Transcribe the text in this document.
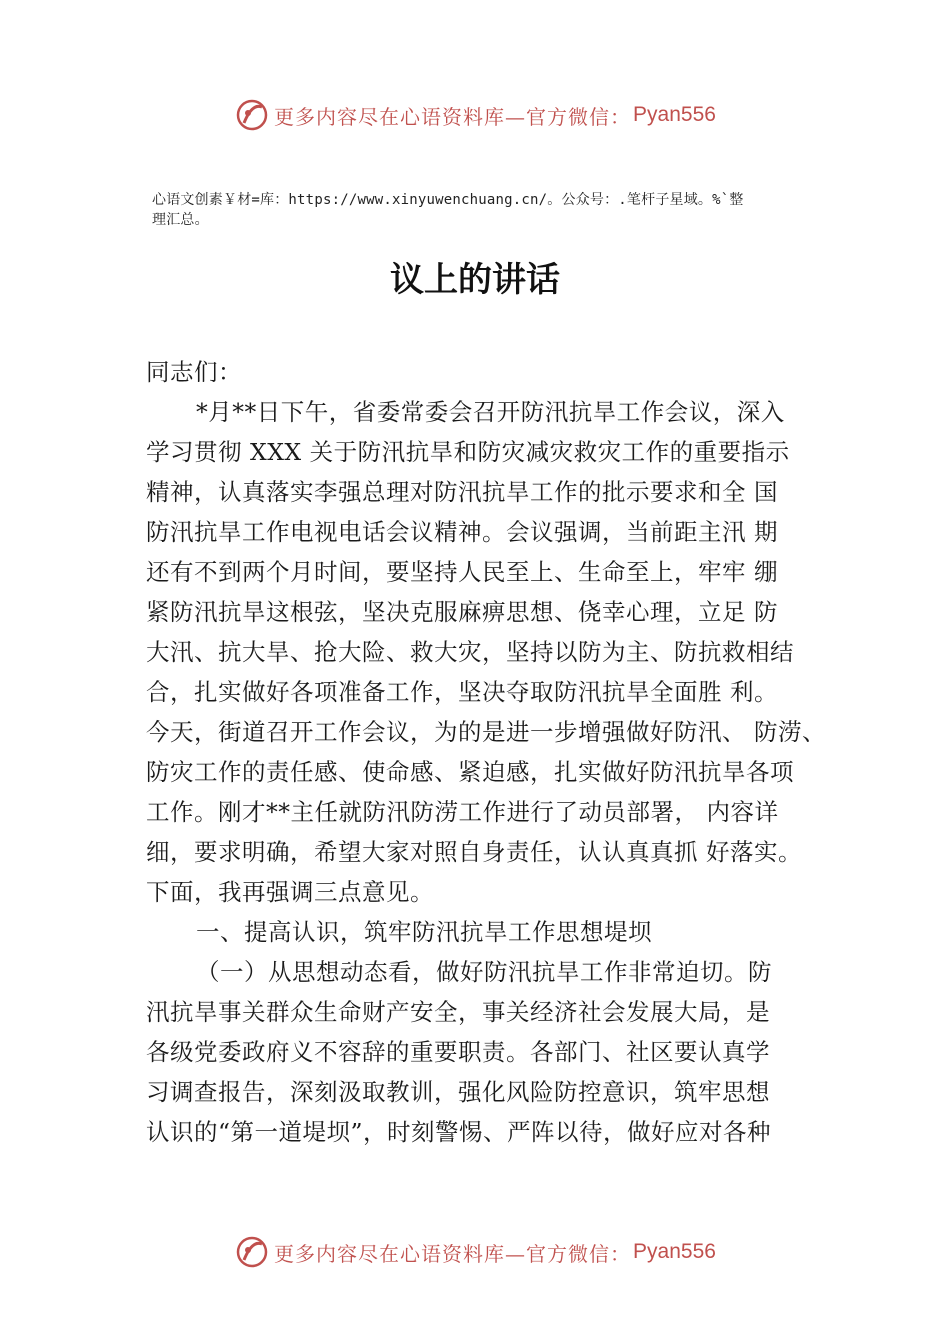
更多内容尽在心语资料库—官方微信： Pyan556
心语文创素￥材=库：https://www.xinyuwenchuang.cn/。公众号：.笔杆子星域。%`整
理汇总。
议上的讲话
同志们：
*月**日下午，省委常委会召开防汛抗旱工作会议，深入
学习贯彻 XXX 关于防汛抗旱和防灾减灾救灾工作的重要指示
精神，认真落实李强总理对防汛抗旱工作的批示要求和全 国
防汛抗旱工作电视电话会议精神。会议强调，当前距主汛 期
还有不到两个月时间，要坚持人民至上、生命至上，牢牢 绷
紧防汛抗旱这根弦，坚决克服麻痹思想、侥幸心理，立足 防
大汛、抗大旱、抢大险、救大灾，坚持以防为主、防抗救相结
合，扎实做好各项准备工作，坚决夺取防汛抗旱全面胜 利。
今天，街道召开工作会议，为的是进一步增强做好防汛、 防涝、
防灾工作的责任感、使命感、紧迫感，扎实做好防汛抗旱各项
工作。刚才**主任就防汛防涝工作进行了动员部署， 内容详
细，要求明确，希望大家对照自身责任，认认真真抓 好落实。
下面，我再强调三点意见。
一、提高认识，筑牢防汛抗旱工作思想堤坝
（一）从思想动态看，做好防汛抗旱工作非常迫切。防
汛抗旱事关群众生命财产安全，事关经济社会发展大局，是
各级党委政府义不容辞的重要职责。各部门、社区要认真学
习调查报告，深刻汲取教训，强化风险防控意识，筑牢思想
认识的“第一道堤坝”，时刻警惕、严阵以待，做好应对各种
更多内容尽在心语资料库—官方微信： Pyan556
